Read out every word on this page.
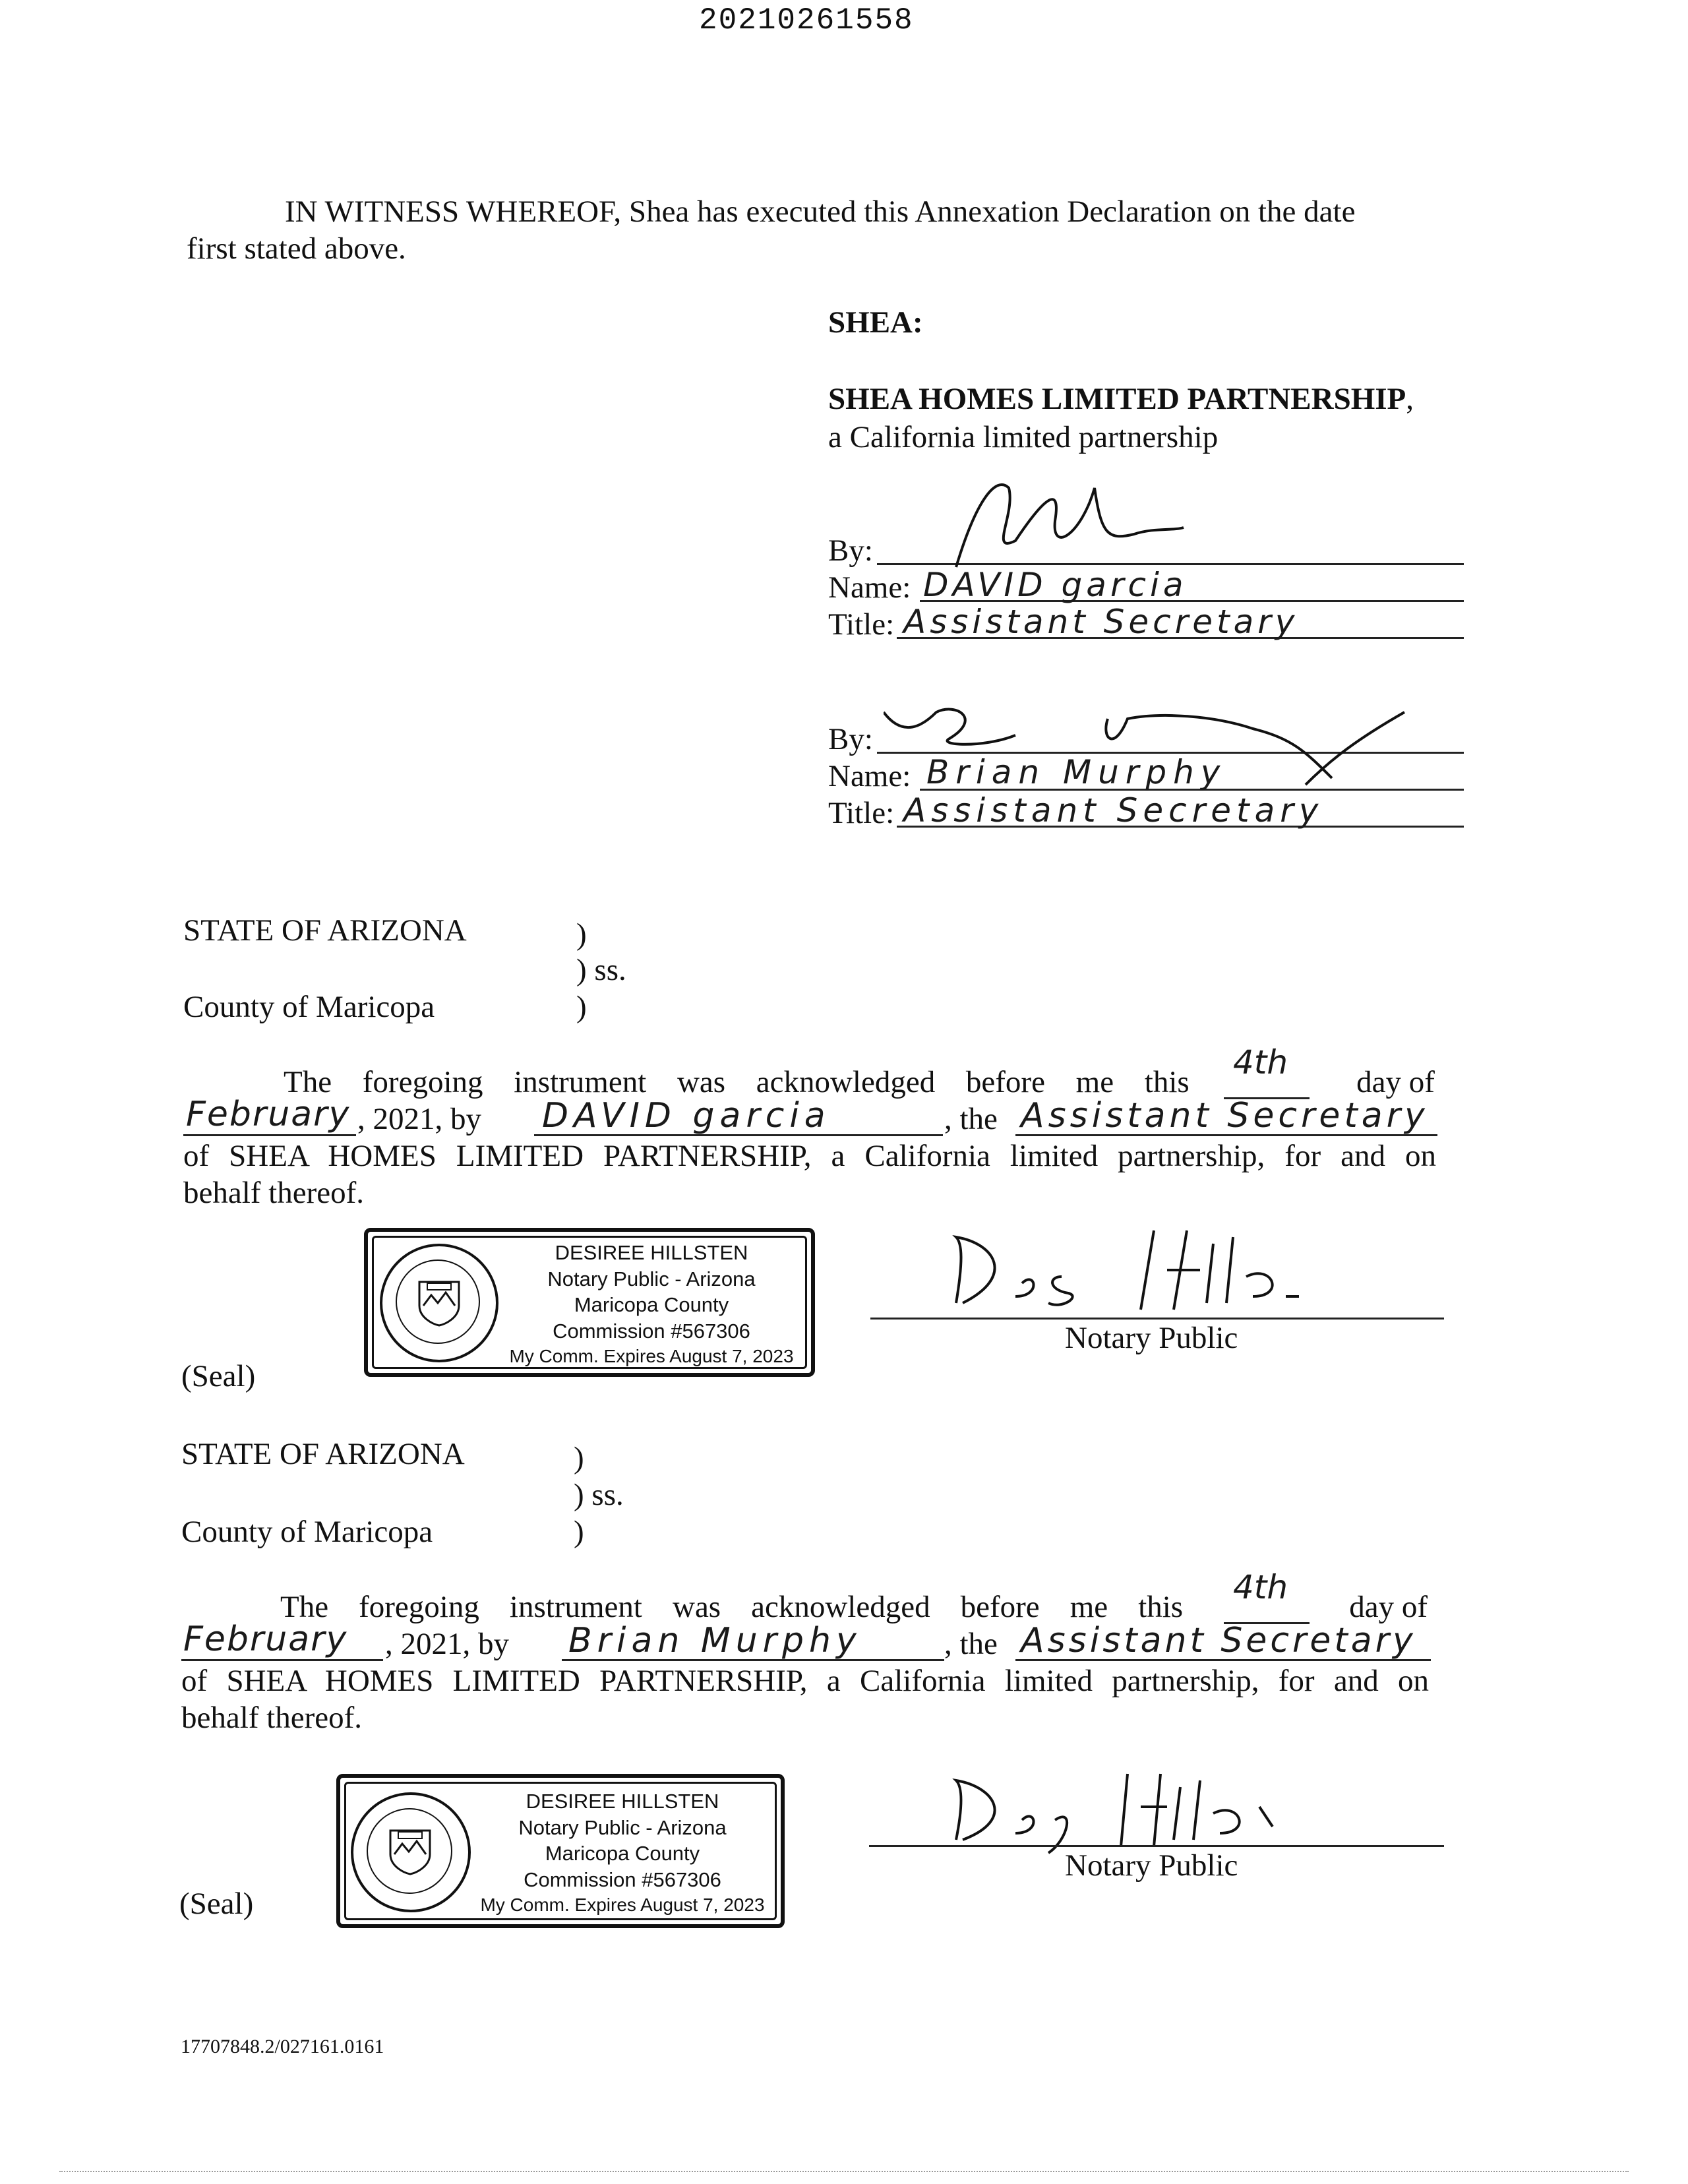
20210261558
IN WITNESS WHEREOF, Shea has executed this Annexation Declaration on the date
first stated above.
SHEA:
SHEA HOMES LIMITED PARTNERSHIP,
a California limited partnership
By:
Name: DAVID garcia
Title: Assistant Secretary
By:
Name: Brian Murphy
Title: Assistant Secretary
STATE OF ARIZONA	)
) ss.
County of Maricopa	)
The foregoing instrument was acknowledged before me this	day of
4th
February , 2021, by DAVID garcia	, the Assistant Secretary
of SHEA HOMES LIMITED PARTNERSHIP, a California limited partnership, for and on
behalf thereof.
DESIREE HILLSTEN
Notary Public - Arizona
Maricopa County
Commission #567306
My Comm. Expires August 7, 2023
Notary Public
(Seal)
STATE OF ARIZONA	)
) ss.
County of Maricopa	)
The foregoing instrument was acknowledged before me this	day of
4th
February , 2021, by Brian Murphy	, the Assistant Secretary
of SHEA HOMES LIMITED PARTNERSHIP, a California limited partnership, for and on
behalf thereof.
DESIREE HILLSTEN
Notary Public - Arizona
Maricopa County
Commission #567306
My Comm. Expires August 7, 2023
Notary Public
(Seal)
17707848.2/027161.0161
